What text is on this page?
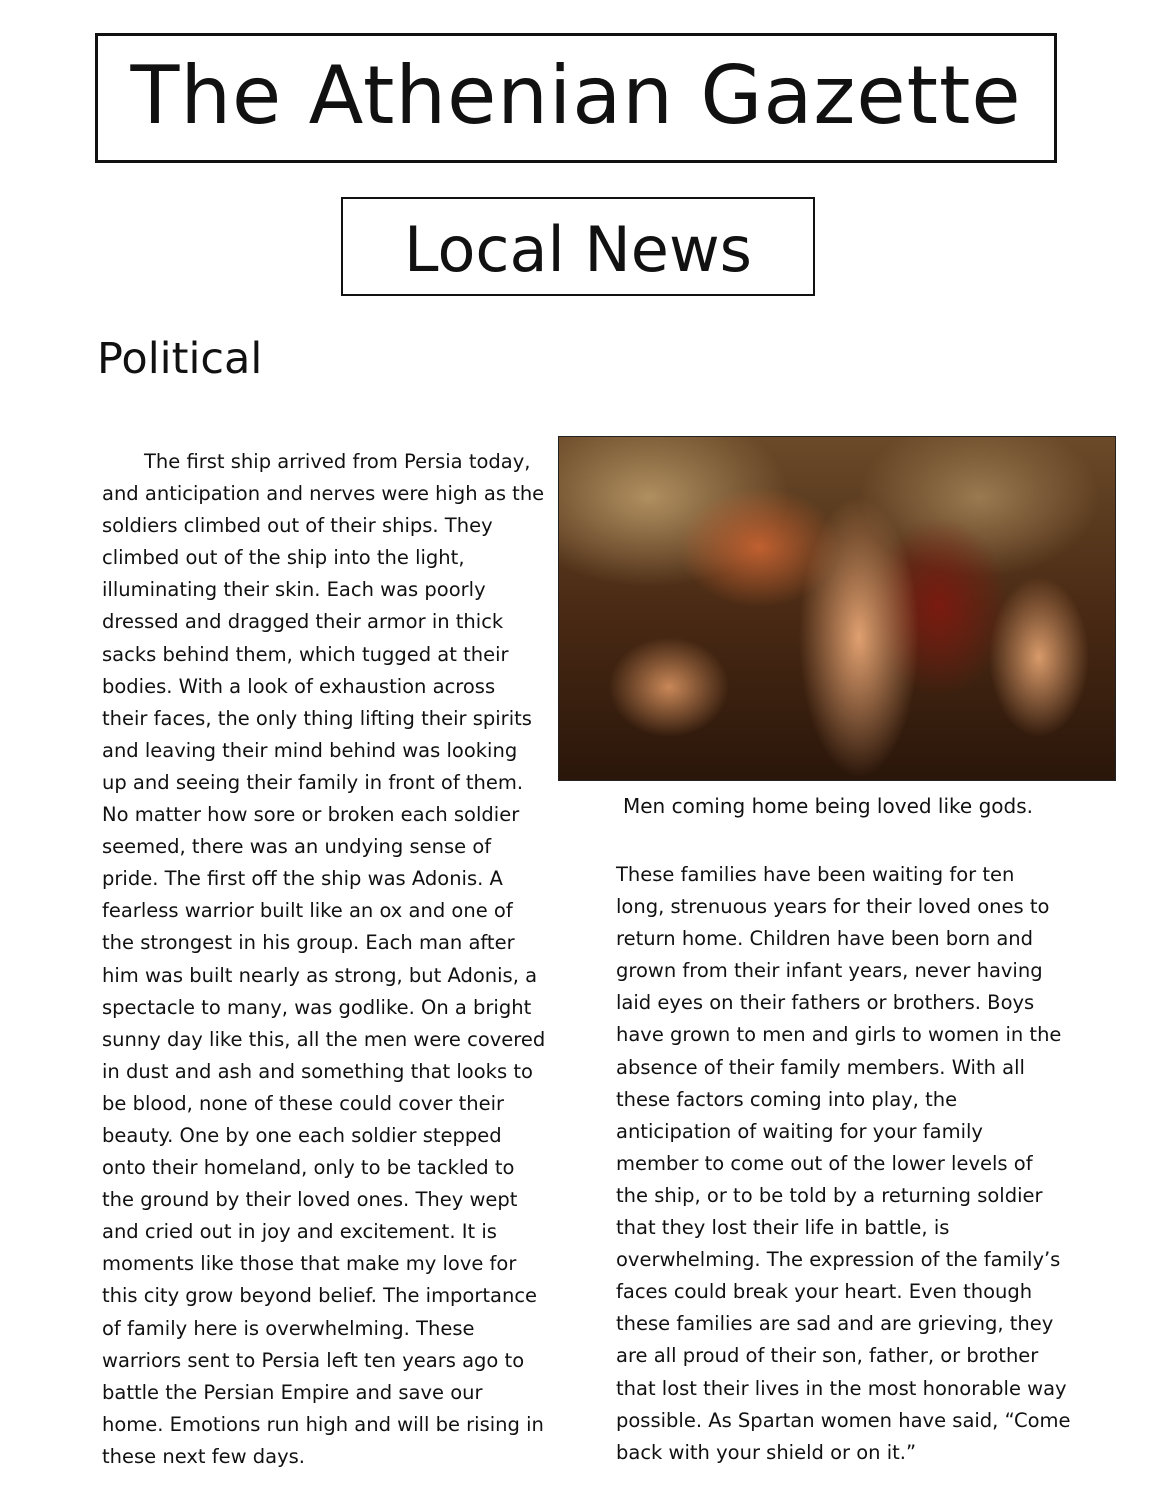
The Athenian Gazette
Local News
Political
The first ship arrived from Persia today,
and anticipation and nerves were high as the
soldiers climbed out of their ships. They
climbed out of the ship into the light,
illuminating their skin. Each was poorly
dressed and dragged their armor in thick
sacks behind them, which tugged at their
bodies. With a look of exhaustion across
their faces, the only thing lifting their spirits
and leaving their mind behind was looking
up and seeing their family in front of them.
No matter how sore or broken each soldier
seemed, there was an undying sense of
pride. The first off the ship was Adonis. A
fearless warrior built like an ox and one of
the strongest in his group. Each man after
him was built nearly as strong, but Adonis, a
spectacle to many, was godlike. On a bright
sunny day like this, all the men were covered
in dust and ash and something that looks to
be blood, none of these could cover their
beauty. One by one each soldier stepped
onto their homeland, only to be tackled to
the ground by their loved ones. They wept
and cried out in joy and excitement. It is
moments like those that make my love for
this city grow beyond belief. The importance
of family here is overwhelming. These
warriors sent to Persia left ten years ago to
battle the Persian Empire and save our
home. Emotions run high and will be rising in
these next few days.
Men coming home being loved like gods.
These families have been waiting for ten
long, strenuous years for their loved ones to
return home. Children have been born and
grown from their infant years, never having
laid eyes on their fathers or brothers. Boys
have grown to men and girls to women in the
absence of their family members. With all
these factors coming into play, the
anticipation of waiting for your family
member to come out of the lower levels of
the ship, or to be told by a returning soldier
that they lost their life in battle, is
overwhelming. The expression of the family’s
faces could break your heart. Even though
these families are sad and are grieving, they
are all proud of their son, father, or brother
that lost their lives in the most honorable way
possible. As Spartan women have said, “Come
back with your shield or on it.”
